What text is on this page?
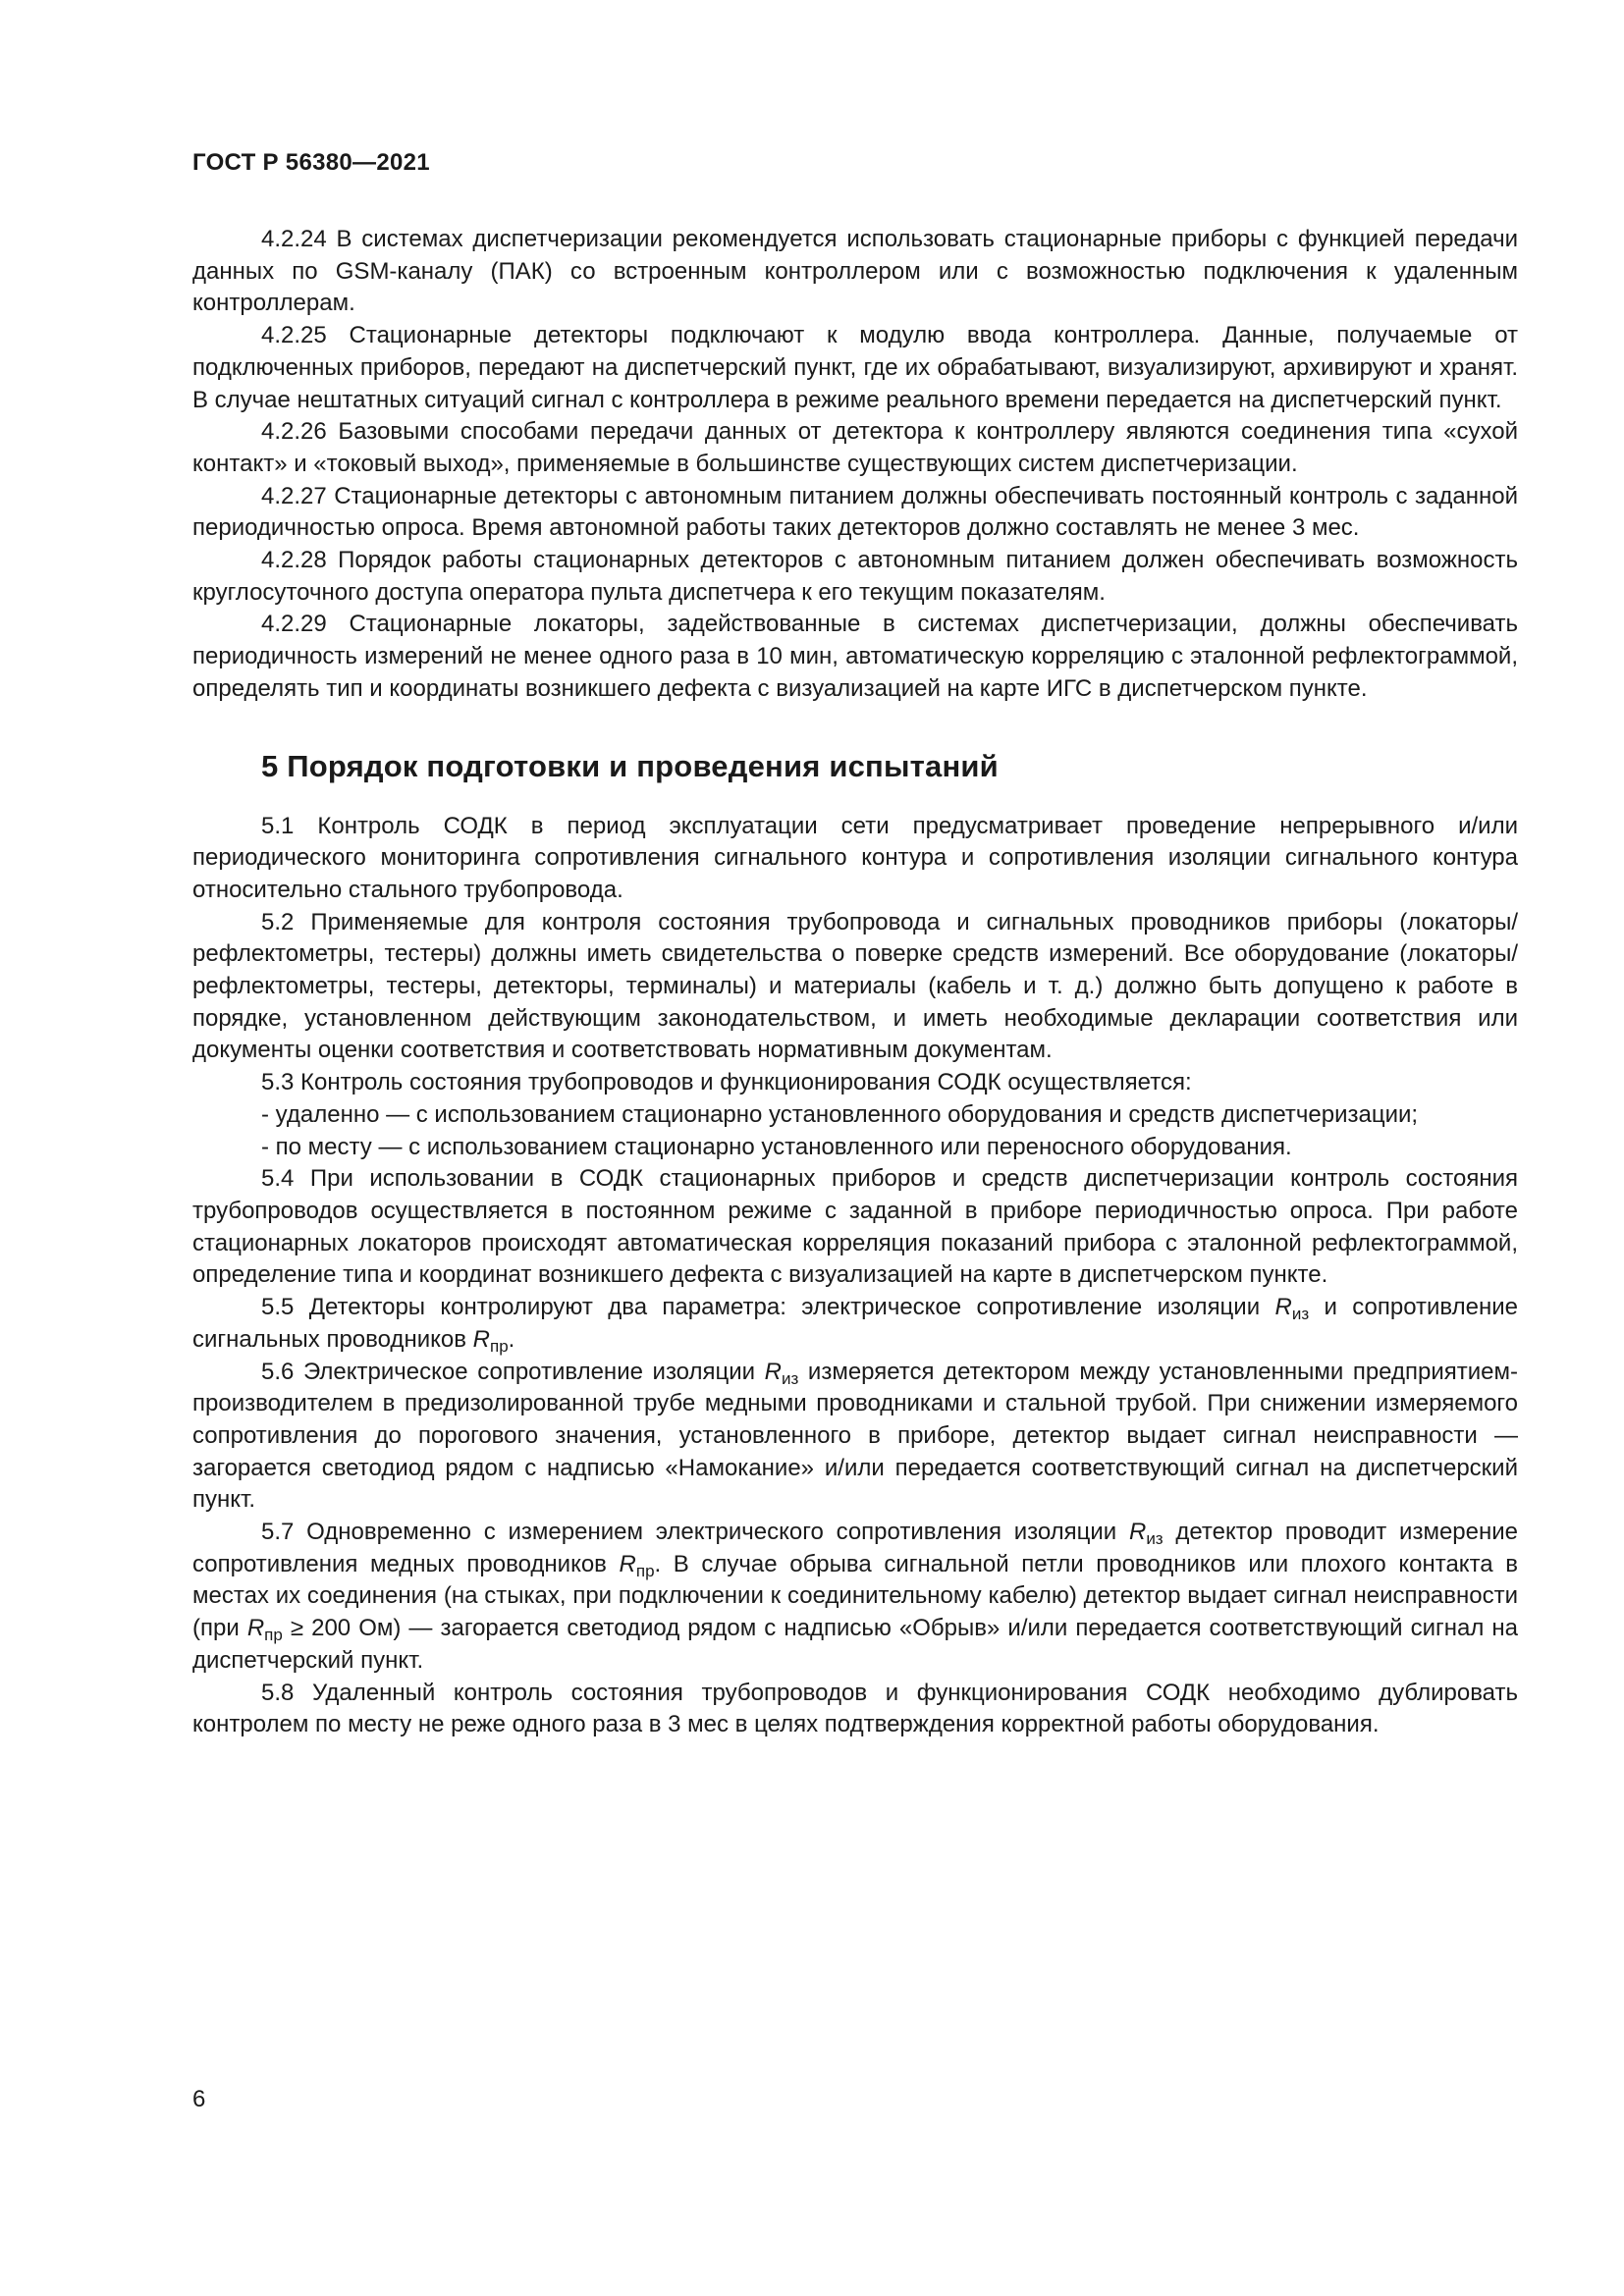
ГОСТ Р 56380—2021

4.2.24 В системах диспетчеризации рекомендуется использовать стационарные приборы с функцией передачи данных по GSM-каналу (ПАК) со встроенным контроллером или с возможностью подключения к удаленным контроллерам.

4.2.25 Стационарные детекторы подключают к модулю ввода контроллера. Данные, получаемые от подключенных приборов, передают на диспетчерский пункт, где их обрабатывают, визуализируют, архивируют и хранят. В случае нештатных ситуаций сигнал с контроллера в режиме реального времени передается на диспетчерский пункт.

4.2.26 Базовыми способами передачи данных от детектора к контроллеру являются соединения типа «сухой контакт» и «токовый выход», применяемые в большинстве существующих систем диспетчеризации.

4.2.27 Стационарные детекторы с автономным питанием должны обеспечивать постоянный контроль с заданной периодичностью опроса. Время автономной работы таких детекторов должно составлять не менее 3 мес.

4.2.28 Порядок работы стационарных детекторов с автономным питанием должен обеспечивать возможность круглосуточного доступа оператора пульта диспетчера к его текущим показателям.

4.2.29 Стационарные локаторы, задействованные в системах диспетчеризации, должны обеспечивать периодичность измерений не менее одного раза в 10 мин, автоматическую корреляцию с эталонной рефлектограммой, определять тип и координаты возникшего дефекта с визуализацией на карте ИГС в диспетчерском пункте.

5 Порядок подготовки и проведения испытаний

5.1 Контроль СОДК в период эксплуатации сети предусматривает проведение непрерывного и/или периодического мониторинга сопротивления сигнального контура и сопротивления изоляции сигнального контура относительно стального трубопровода.

5.2 Применяемые для контроля состояния трубопровода и сигнальных проводников приборы (локаторы/рефлектометры, тестеры) должны иметь свидетельства о поверке средств измерений. Все оборудование (локаторы/рефлектометры, тестеры, детекторы, терминалы) и материалы (кабель и т. д.) должно быть допущено к работе в порядке, установленном действующим законодательством, и иметь необходимые декларации соответствия или документы оценки соответствия и соответствовать нормативным документам.

5.3 Контроль состояния трубопроводов и функционирования СОДК осуществляется:

- удаленно — с использованием стационарно установленного оборудования и средств диспетчеризации;

- по месту — с использованием стационарно установленного или переносного оборудования.

5.4 При использовании в СОДК стационарных приборов и средств диспетчеризации контроль состояния трубопроводов осуществляется в постоянном режиме с заданной в приборе периодичностью опроса. При работе стационарных локаторов происходят автоматическая корреляция показаний прибора с эталонной рефлектограммой, определение типа и координат возникшего дефекта с визуализацией на карте в диспетчерском пункте.

5.5 Детекторы контролируют два параметра: электрическое сопротивление изоляции $R_{из}$ и сопротивление сигнальных проводников $R_{пр}$.

5.6 Электрическое сопротивление изоляции $R_{из}$ измеряется детектором между установленными предприятием-производителем в предизолированной трубе медными проводниками и стальной трубой. При снижении измеряемого сопротивления до порогового значения, установленного в приборе, детектор выдает сигнал неисправности — загорается светодиод рядом с надписью «Намокание» и/или передается соответствующий сигнал на диспетчерский пункт.

5.7 Одновременно с измерением электрического сопротивления изоляции $R_{из}$ детектор проводит измерение сопротивления медных проводников $R_{пр}$. В случае обрыва сигнальной петли проводников или плохого контакта в местах их соединения (на стыках, при подключении к соединительному кабелю) детектор выдает сигнал неисправности (при $R_{пр} \ge 200$ Ом) — загорается светодиод рядом с надписью «Обрыв» и/или передается соответствующий сигнал на диспетчерский пункт.

5.8 Удаленный контроль состояния трубопроводов и функционирования СОДК необходимо дублировать контролем по месту не реже одного раза в 3 мес в целях подтверждения корректной работы оборудования.

6
